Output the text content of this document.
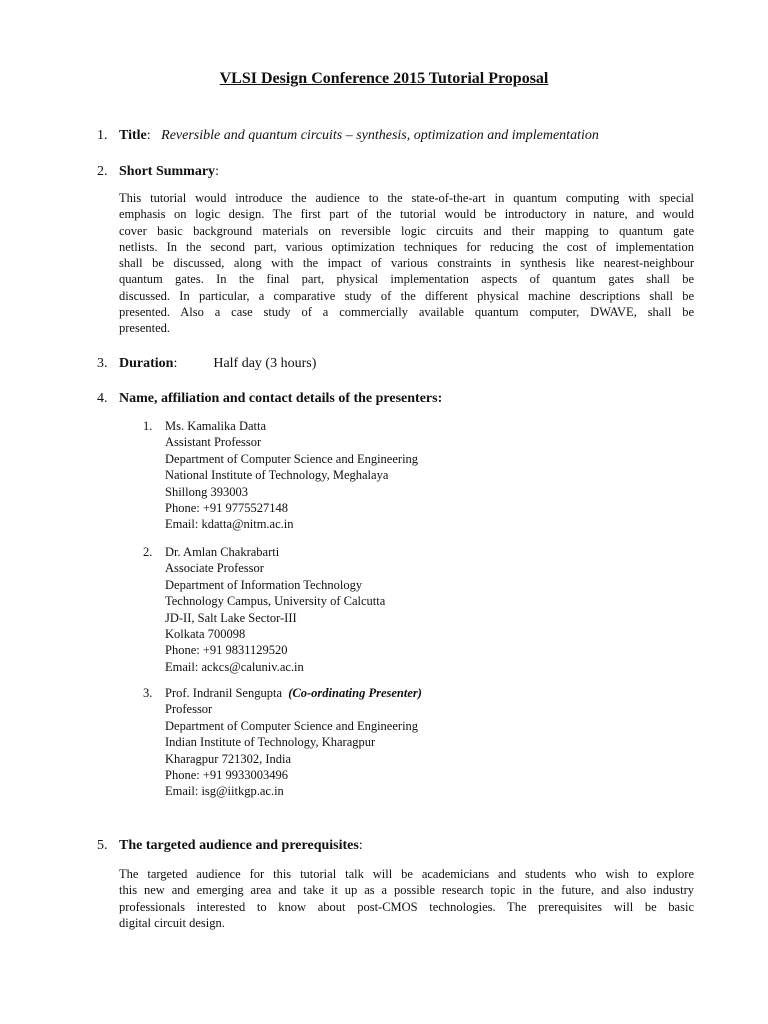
VLSI Design Conference 2015 Tutorial Proposal
1. Title: Reversible and quantum circuits – synthesis, optimization and implementation
2. Short Summary:
This tutorial would introduce the audience to the state-of-the-art in quantum computing with special
emphasis on logic design. The first part of the tutorial would be introductory in nature, and would
cover basic background materials on reversible logic circuits and their mapping to quantum gate
netlists. In the second part, various optimization techniques for reducing the cost of implementation
shall be discussed, along with the impact of various constraints in synthesis like nearest-neighbour
quantum gates. In the final part, physical implementation aspects of quantum gates shall be
discussed. In particular, a comparative study of the different physical machine descriptions shall be
presented. Also a case study of a commercially available quantum computer, DWAVE, shall be
presented.
3. Duration:	Half day (3 hours)
4. Name, affiliation and contact details of the presenters:
1. Ms. Kamalika Datta
Assistant Professor
Department of Computer Science and Engineering
National Institute of Technology, Meghalaya
Shillong 393003
Phone: +91 9775527148
Email: kdatta@nitm.ac.in
2. Dr. Amlan Chakrabarti
Associate Professor
Department of Information Technology
Technology Campus, University of Calcutta
JD-II, Salt Lake Sector-III
Kolkata 700098
Phone: +91 9831129520
Email: ackcs@caluniv.ac.in
3. Prof. Indranil Sengupta (Co-ordinating Presenter)
Professor
Department of Computer Science and Engineering
Indian Institute of Technology, Kharagpur
Kharagpur 721302, India
Phone: +91 9933003496
Email: isg@iitkgp.ac.in
5. The targeted audience and prerequisites:
The targeted audience for this tutorial talk will be academicians and students who wish to explore
this new and emerging area and take it up as a possible research topic in the future, and also industry
professionals interested to know about post-CMOS technologies. The prerequisites will be basic
digital circuit design.
